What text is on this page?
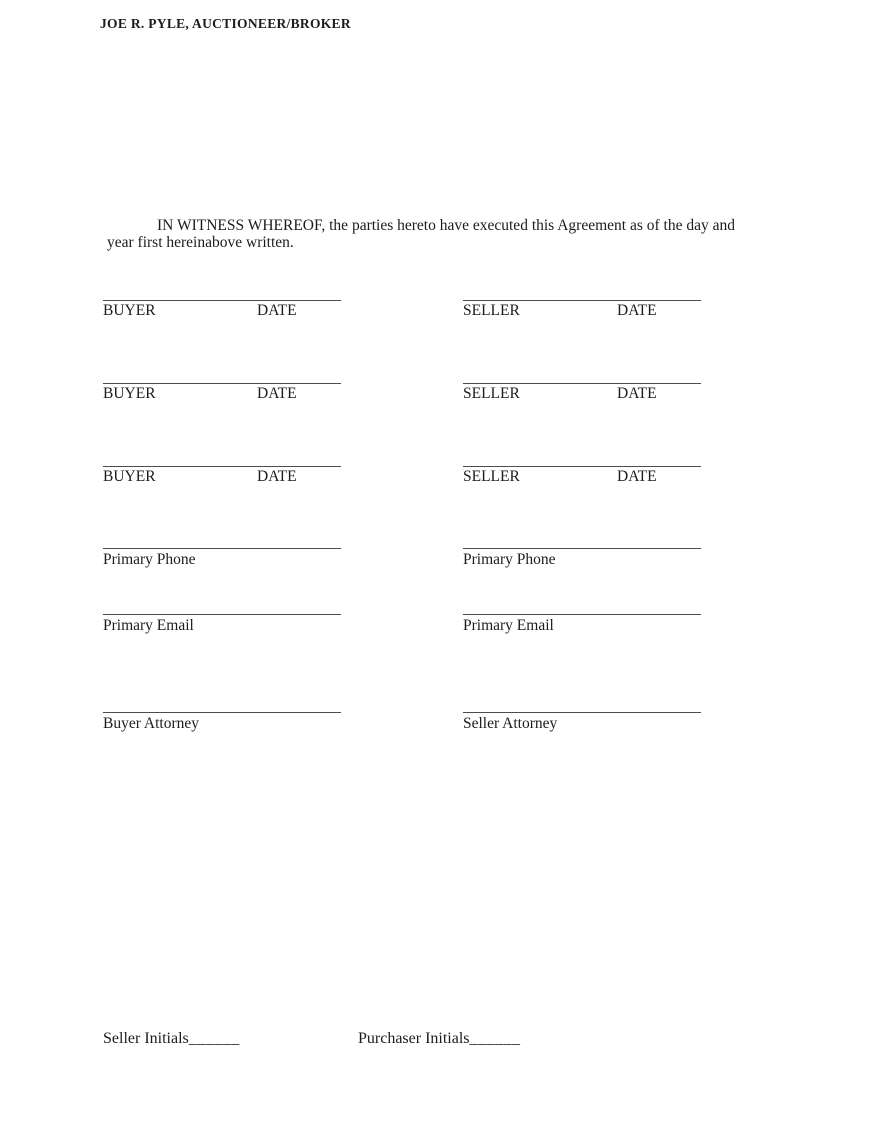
JOE R. PYLE, AUCTIONEER/BROKER
IN WITNESS WHEREOF, the parties hereto have executed this Agreement as of the day and year first hereinabove written.
BUYER	DATE	SELLER	DATE
BUYER	DATE	SELLER	DATE
BUYER	DATE	SELLER	DATE
Primary Phone	Primary Phone
Primary Email	Primary Email
Buyer Attorney	Seller Attorney
Seller Initials______	Purchaser Initials______
